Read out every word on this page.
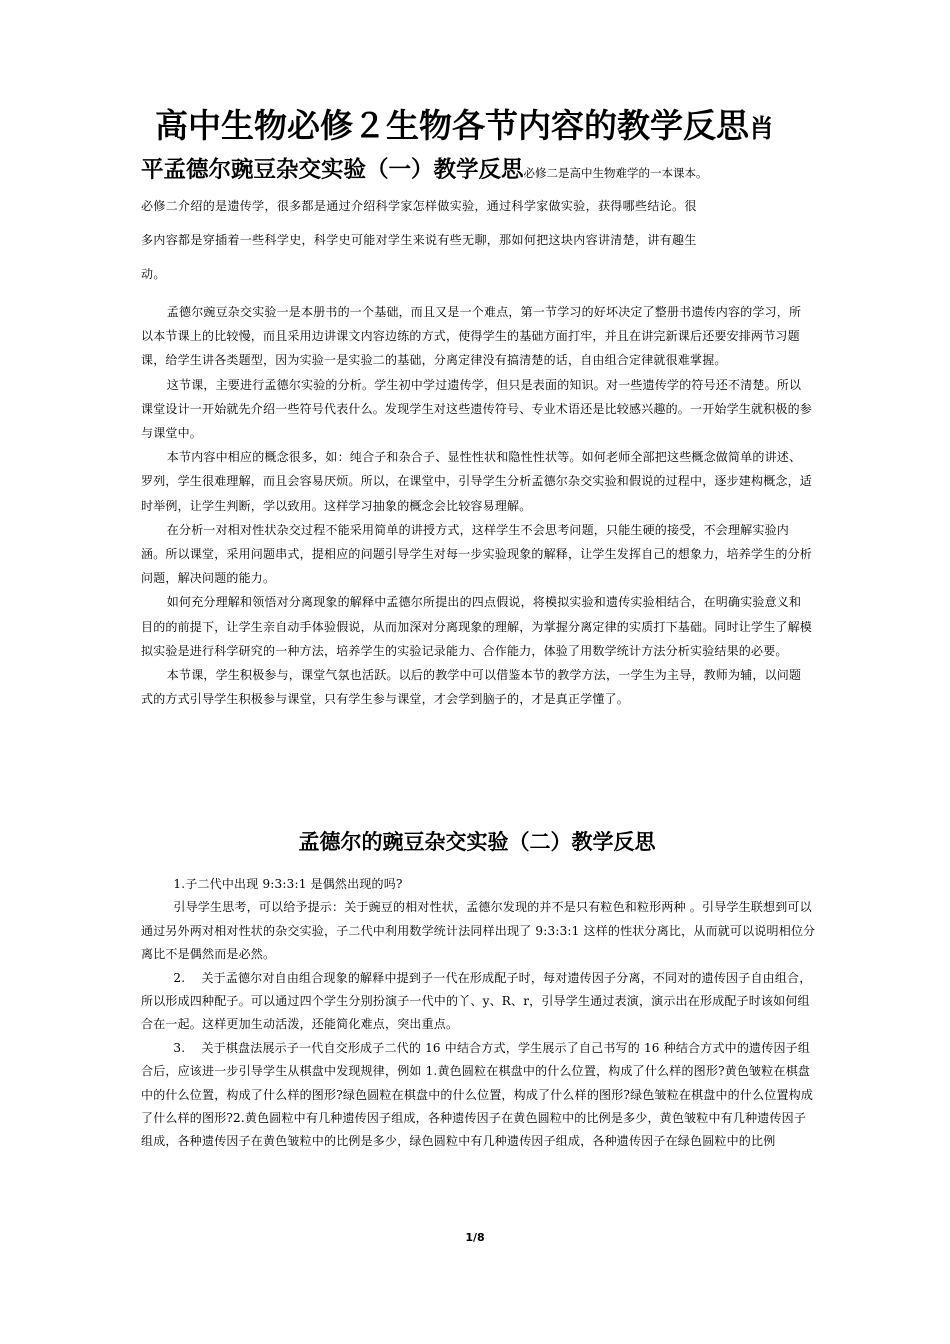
高中生物必修２生物各节内容的教学反思肖
平孟德尔豌豆杂交实验（一）教学反思必修二是高中生物难学的一本课本。

必修二介绍的是遗传学，很多都是通过介绍科学家怎样做实验，通过科学家做实验，获得哪些结论。很

多内容都是穿插着一些科学史，科学史可能对学生来说有些无聊，那如何把这块内容讲清楚，讲有趣生

动。

孟德尔豌豆杂交实验一是本册书的一个基础，而且又是一个难点，第一节学习的好坏决定了整册书遗传内容的学习，所以本节课上的比较慢，而且采用边讲课文内容边练的方式，使得学生的基础方面打牢，并且在讲完新课后还要安排两节习题课，给学生讲各类题型，因为实验一是实验二的基础，分离定律没有搞清楚的话，自由组合定律就很难掌握。

这节课，主要进行孟德尔实验的分析。学生初中学过遗传学，但只是表面的知识。对一些遗传学的符号还不清楚。所以课堂设计一开始就先介绍一些符号代表什么。发现学生对这些遗传符号、专业术语还是比较感兴趣的。一开始学生就积极的参与课堂中。

本节内容中相应的概念很多，如：纯合子和杂合子、显性性状和隐性性状等。如何老师全部把这些概念做简单的讲述、罗列，学生很难理解，而且会容易厌烦。所以，在课堂中，引导学生分析孟德尔杂交实验和假说的过程中，逐步建构概念，适时举例，让学生判断，学以致用。这样学习抽象的概念会比较容易理解。

在分析一对相对性状杂交过程不能采用简单的讲授方式，这样学生不会思考问题，只能生硬的接受，不会理解实验内涵。所以课堂，采用问题串式，提相应的问题引导学生对每一步实验现象的解释，让学生发挥自己的想象力，培养学生的分析问题，解决问题的能力。

如何充分理解和领悟对分离现象的解释中孟德尔所提出的四点假说，将模拟实验和遗传实验相结合，在明确实验意义和目的的前提下，让学生亲自动手体验假说，从而加深对分离现象的理解，为掌握分离定律的实质打下基础。同时让学生了解模拟实验是进行科学研究的一种方法，培养学生的实验记录能力、合作能力，体验了用数学统计方法分析实验结果的必要。

本节课，学生积极参与，课堂气氛也活跃。以后的教学中可以借鉴本节的教学方法，一学生为主导，教师为辅，以问题式的方式引导学生积极参与课堂，只有学生参与课堂，才会学到脑子的，才是真正学懂了。

孟德尔的豌豆杂交实验（二）教学反思

1.子二代中出现 9:3:3:1 是偶然出现的吗?

引导学生思考，可以给予提示：关于豌豆的相对性状，孟德尔发现的并不是只有粒色和粒形两种 。引导学生联想到可以通过另外两对相对性状的杂交实验，子二代中利用数学统计法同样出现了 9:3:3:1 这样的性状分离比，从而就可以说明相位分离比不是偶然而是必然。

2.　 关于孟德尔对自由组合现象的解释中提到子一代在形成配子时，每对遗传因子分离，不同对的遗传因子自由组合，所以形成四种配子。可以通过四个学生分别扮演子一代中的丫、y、R、r，引导学生通过表演，演示出在形成配子时该如何组合在一起。这样更加生动活泼，还能简化难点，突出重点。

3.　 关于棋盘法展示子一代自交形成子二代的 16 中结合方式，学生展示了自己书写的 16 种结合方式中的遗传因子组合后，应该进一步引导学生从棋盘中发现规律，例如 1.黄色圆粒在棋盘中的什么位置，构成了什么样的图形?黄色皱粒在棋盘中的什么位置，构成了什么样的图形?绿色圆粒在棋盘中的什么位置，构成了什么样的图形?绿色皱粒在棋盘中的什么位置构成了什么样的图形?2.黄色圆粒中有几种遗传因子组成，各种遗传因子在黄色圆粒中的比例是多少，黄色皱粒中有几种遗传因子组成，各种遗传因子在黄色皱粒中的比例是多少，绿色圆粒中有几种遗传因子组成，各种遗传因子在绿色圆粒中的比例

1/8
